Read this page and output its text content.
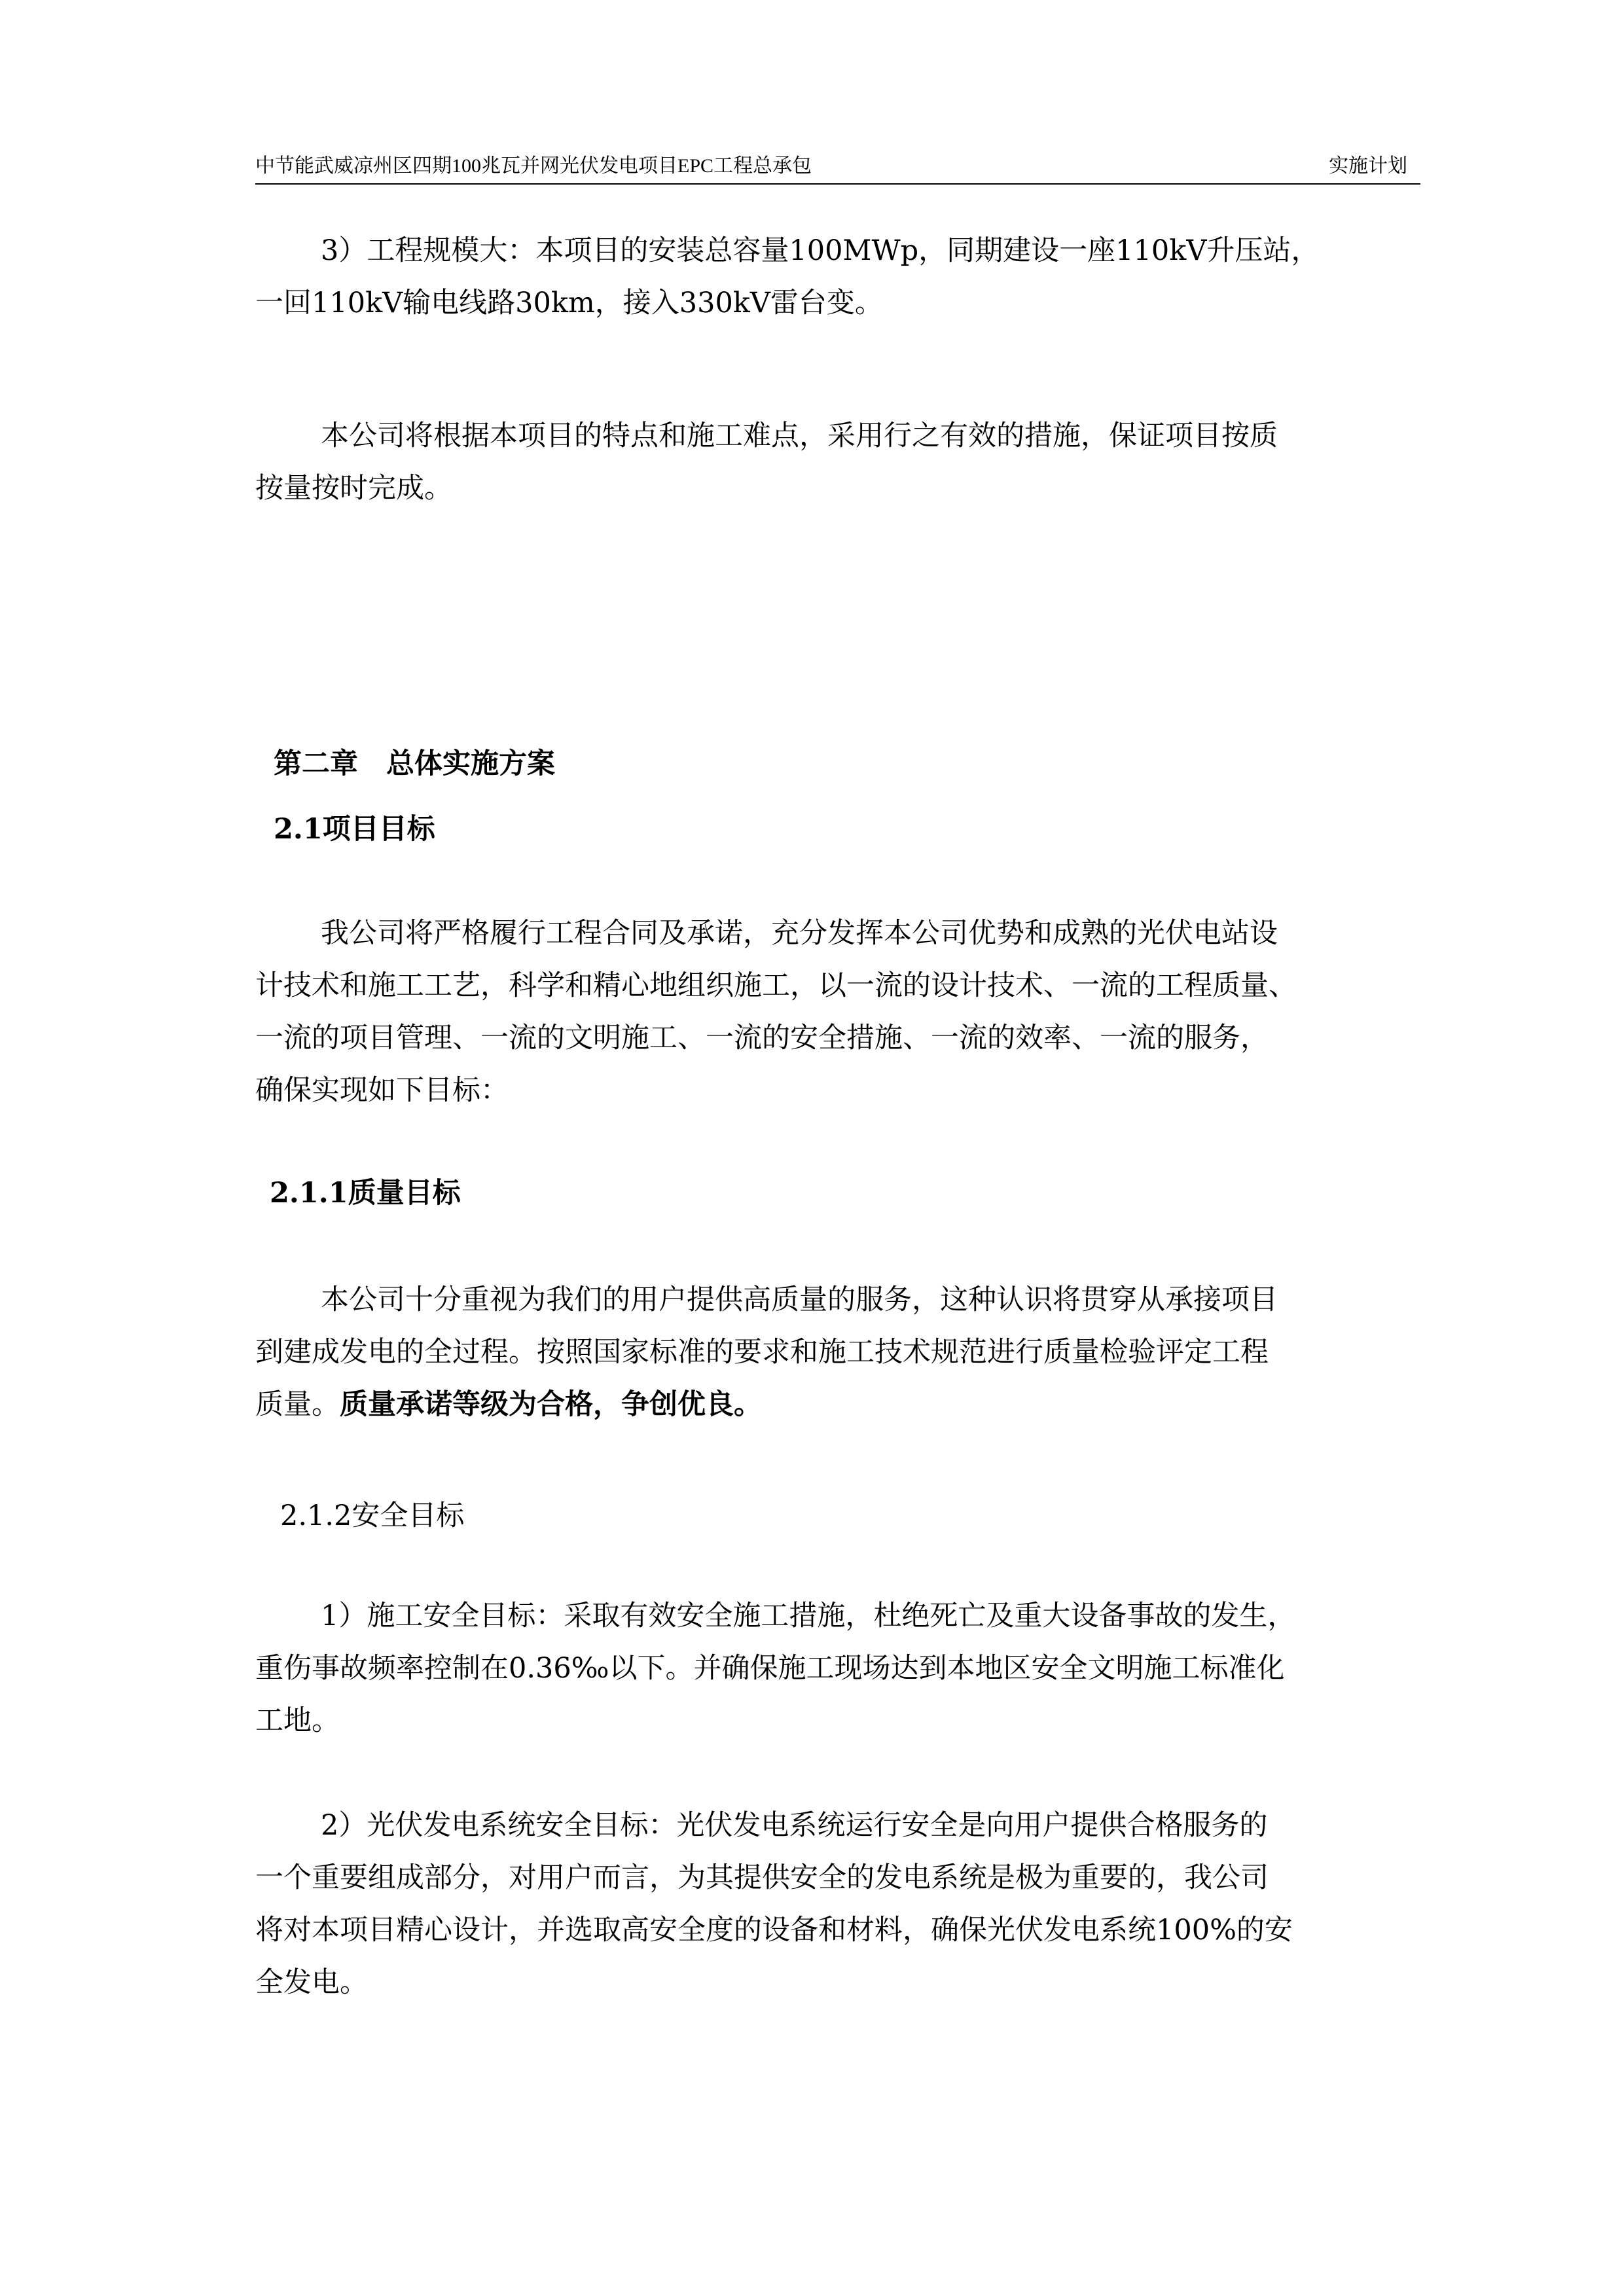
中节能武威凉州区四期100兆瓦并网光伏发电项目EPC工程总承包	实施计划
3）工程规模大：本项目的安装总容量100MWp，同期建设一座110kV升压站，
一回110kV输电线路30km，接入330kV雷台变。
本公司将根据本项目的特点和施工难点，采用行之有效的措施，保证项目按质
按量按时完成。
第二章　总体实施方案
2.1项目目标
我公司将严格履行工程合同及承诺，充分发挥本公司优势和成熟的光伏电站设
计技术和施工工艺，科学和精心地组织施工，以一流的设计技术、一流的工程质量、
一流的项目管理、一流的文明施工、一流的安全措施、一流的效率、一流的服务，
确保实现如下目标：
2.1.1质量目标
本公司十分重视为我们的用户提供高质量的服务，这种认识将贯穿从承接项目
到建成发电的全过程。按照国家标准的要求和施工技术规范进行质量检验评定工程
质量。质量承诺等级为合格，争创优良。
2.1.2安全目标
1）施工安全目标：采取有效安全施工措施，杜绝死亡及重大设备事故的发生，
重伤事故频率控制在0.36‰以下。并确保施工现场达到本地区安全文明施工标准化
工地。
2）光伏发电系统安全目标：光伏发电系统运行安全是向用户提供合格服务的
一个重要组成部分，对用户而言，为其提供安全的发电系统是极为重要的，我公司
将对本项目精心设计，并选取高安全度的设备和材料，确保光伏发电系统100%的安
全发电。
